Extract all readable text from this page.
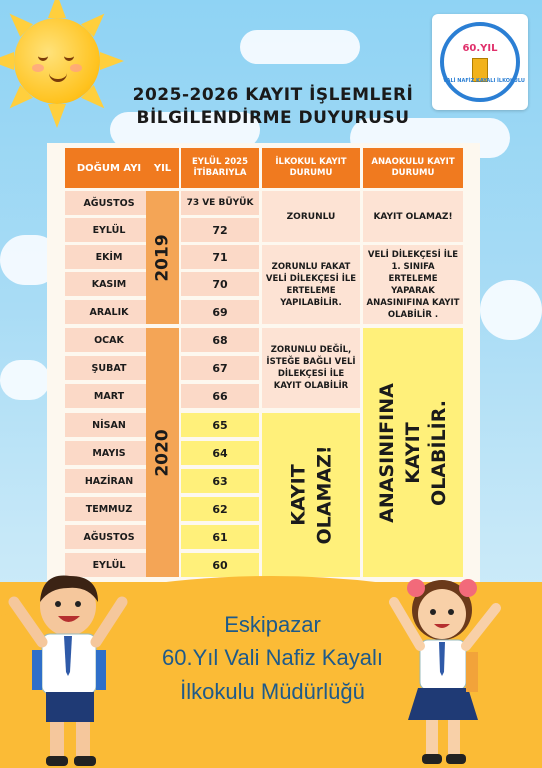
2025-2026 KAYIT İŞLEMLERİ
BİLGİLENDİRME DUYURUSU
60.YIL
VALİ NAFİZ KAYALI İLKOKULU
DOĞUM AYI	YIL
EYLÜL 2025 İTİBARIYLA
İLKOKUL KAYIT DURUMU
ANAOKULU KAYIT DURUMU
AĞUSTOS
EYLÜL
EKİM
KASIM
ARALIK
OCAK
ŞUBAT
MART
NİSAN
MAYIS
HAZİRAN
TEMMUZ
AĞUSTOS
EYLÜL
2019
2020
73 VE BÜYÜK
72
71
70
69
68
67
66
65
64
63
62
61
60
ZORUNLU
ZORUNLU FAKAT VELİ DİLEKÇESİ İLE ERTELEME YAPILABİLİR.
ZORUNLU DEĞİL, İSTEĞE BAĞLI VELİ DİLEKÇESİ İLE KAYIT OLABİLİR
KAYIT OLAMAZ!
KAYIT OLAMAZ!
VELİ DİLEKÇESİ İLE 1. SINIFA ERTELEME YAPARAK ANASINIFINA KAYIT OLABİLİR .
ANASINIFINA KAYIT OLABİLİR.
Eskipazar
60.Yıl Vali Nafiz Kayalı
İlkokulu Müdürlüğü
